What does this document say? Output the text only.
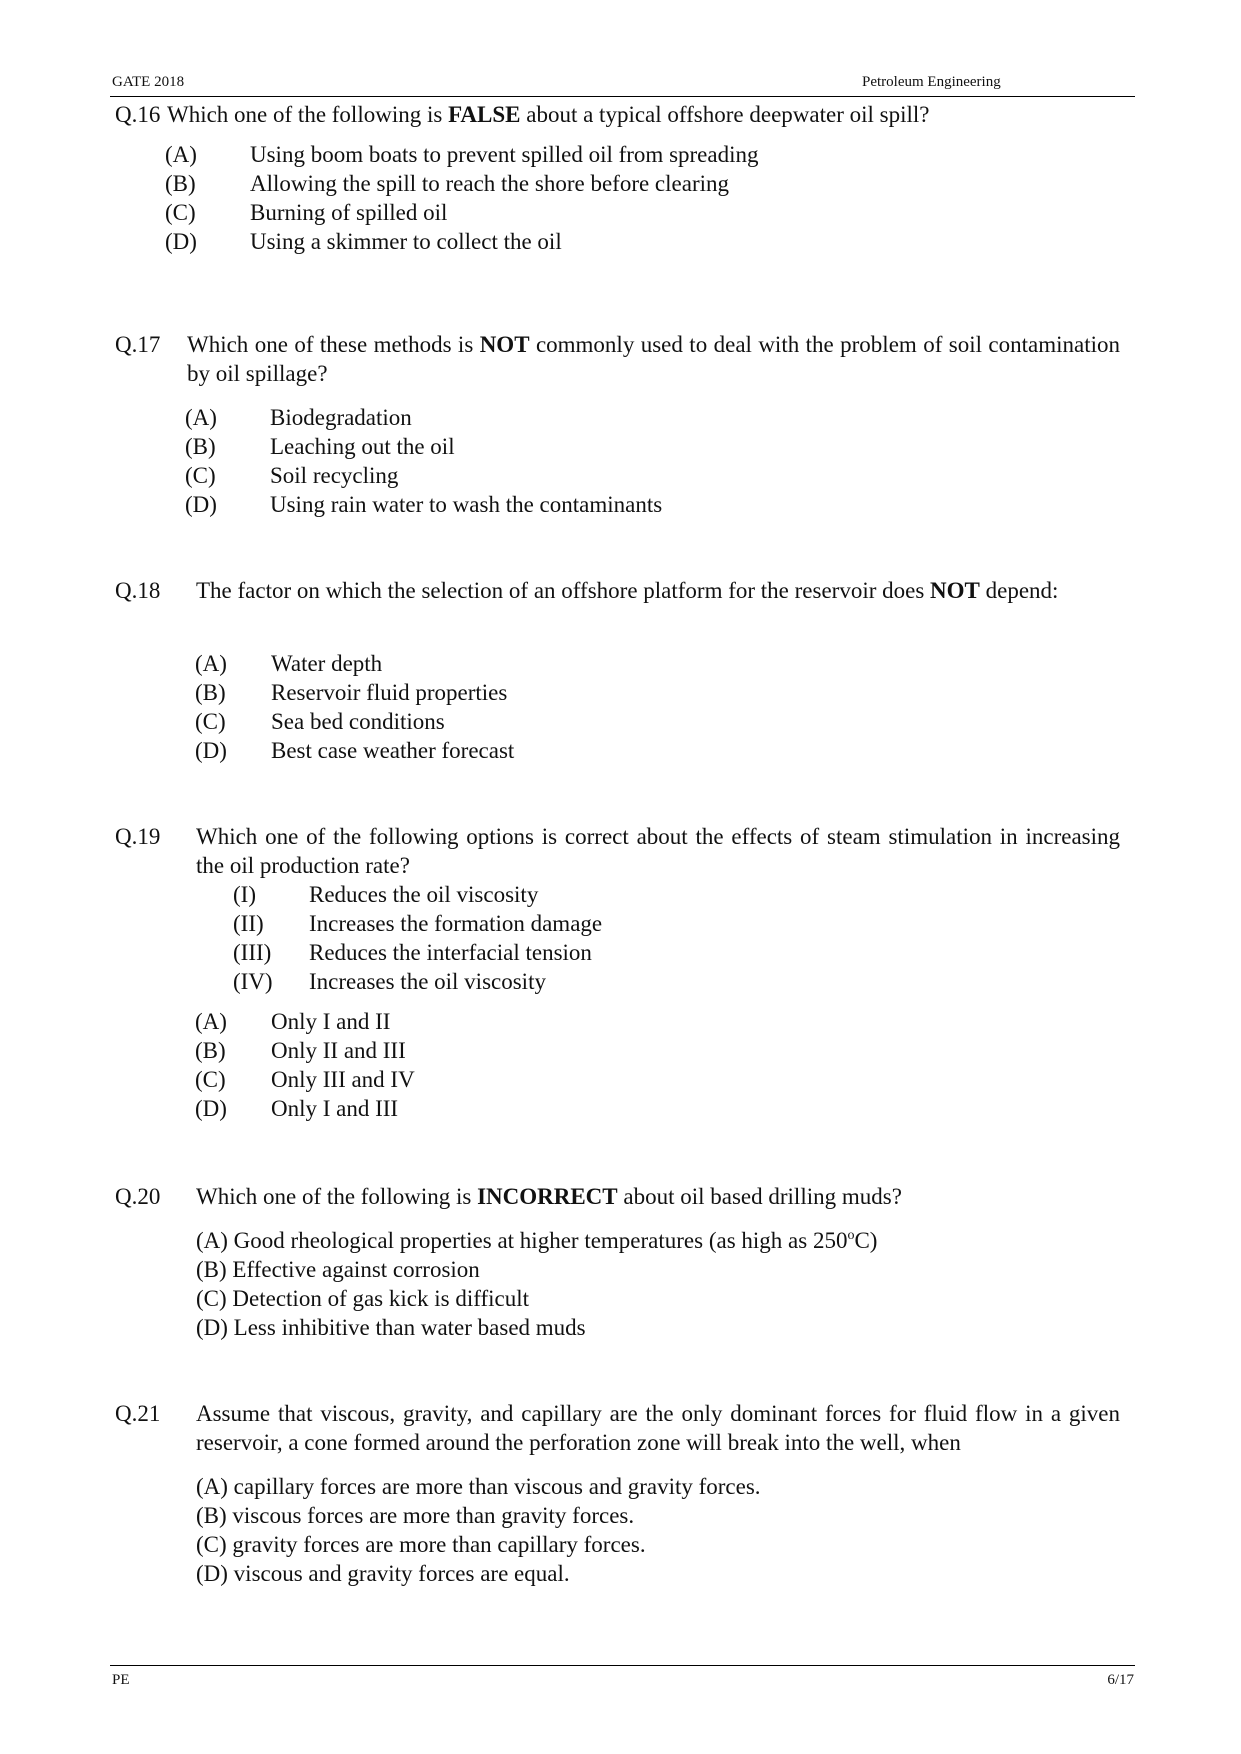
GATE 2018	Petroleum Engineering
Q.16 Which one of the following is FALSE about a typical offshore deepwater oil spill?
(A) Using boom boats to prevent spilled oil from spreading
(B) Allowing the spill to reach the shore before clearing
(C) Burning of spilled oil
(D) Using a skimmer to collect the oil
Q.17 Which one of these methods is NOT commonly used to deal with the problem of soil contamination by oil spillage?
(A) Biodegradation
(B) Leaching out the oil
(C) Soil recycling
(D) Using rain water to wash the contaminants
Q.18 The factor on which the selection of an offshore platform for the reservoir does NOT depend:
(A) Water depth
(B) Reservoir fluid properties
(C) Sea bed conditions
(D) Best case weather forecast
Q.19 Which one of the following options is correct about the effects of steam stimulation in increasing the oil production rate?
(I) Reduces the oil viscosity
(II) Increases the formation damage
(III) Reduces the interfacial tension
(IV) Increases the oil viscosity
(A) Only I and II
(B) Only II and III
(C) Only III and IV
(D) Only I and III
Q.20 Which one of the following is INCORRECT about oil based drilling muds?
(A) Good rheological properties at higher temperatures (as high as 250$^o$C)
(B) Effective against corrosion
(C) Detection of gas kick is difficult
(D) Less inhibitive than water based muds
Q.21 Assume that viscous, gravity, and capillary are the only dominant forces for fluid flow in a given reservoir, a cone formed around the perforation zone will break into the well, when
(A) capillary forces are more than viscous and gravity forces.
(B) viscous forces are more than gravity forces.
(C) gravity forces are more than capillary forces.
(D) viscous and gravity forces are equal.
PE	6/17
